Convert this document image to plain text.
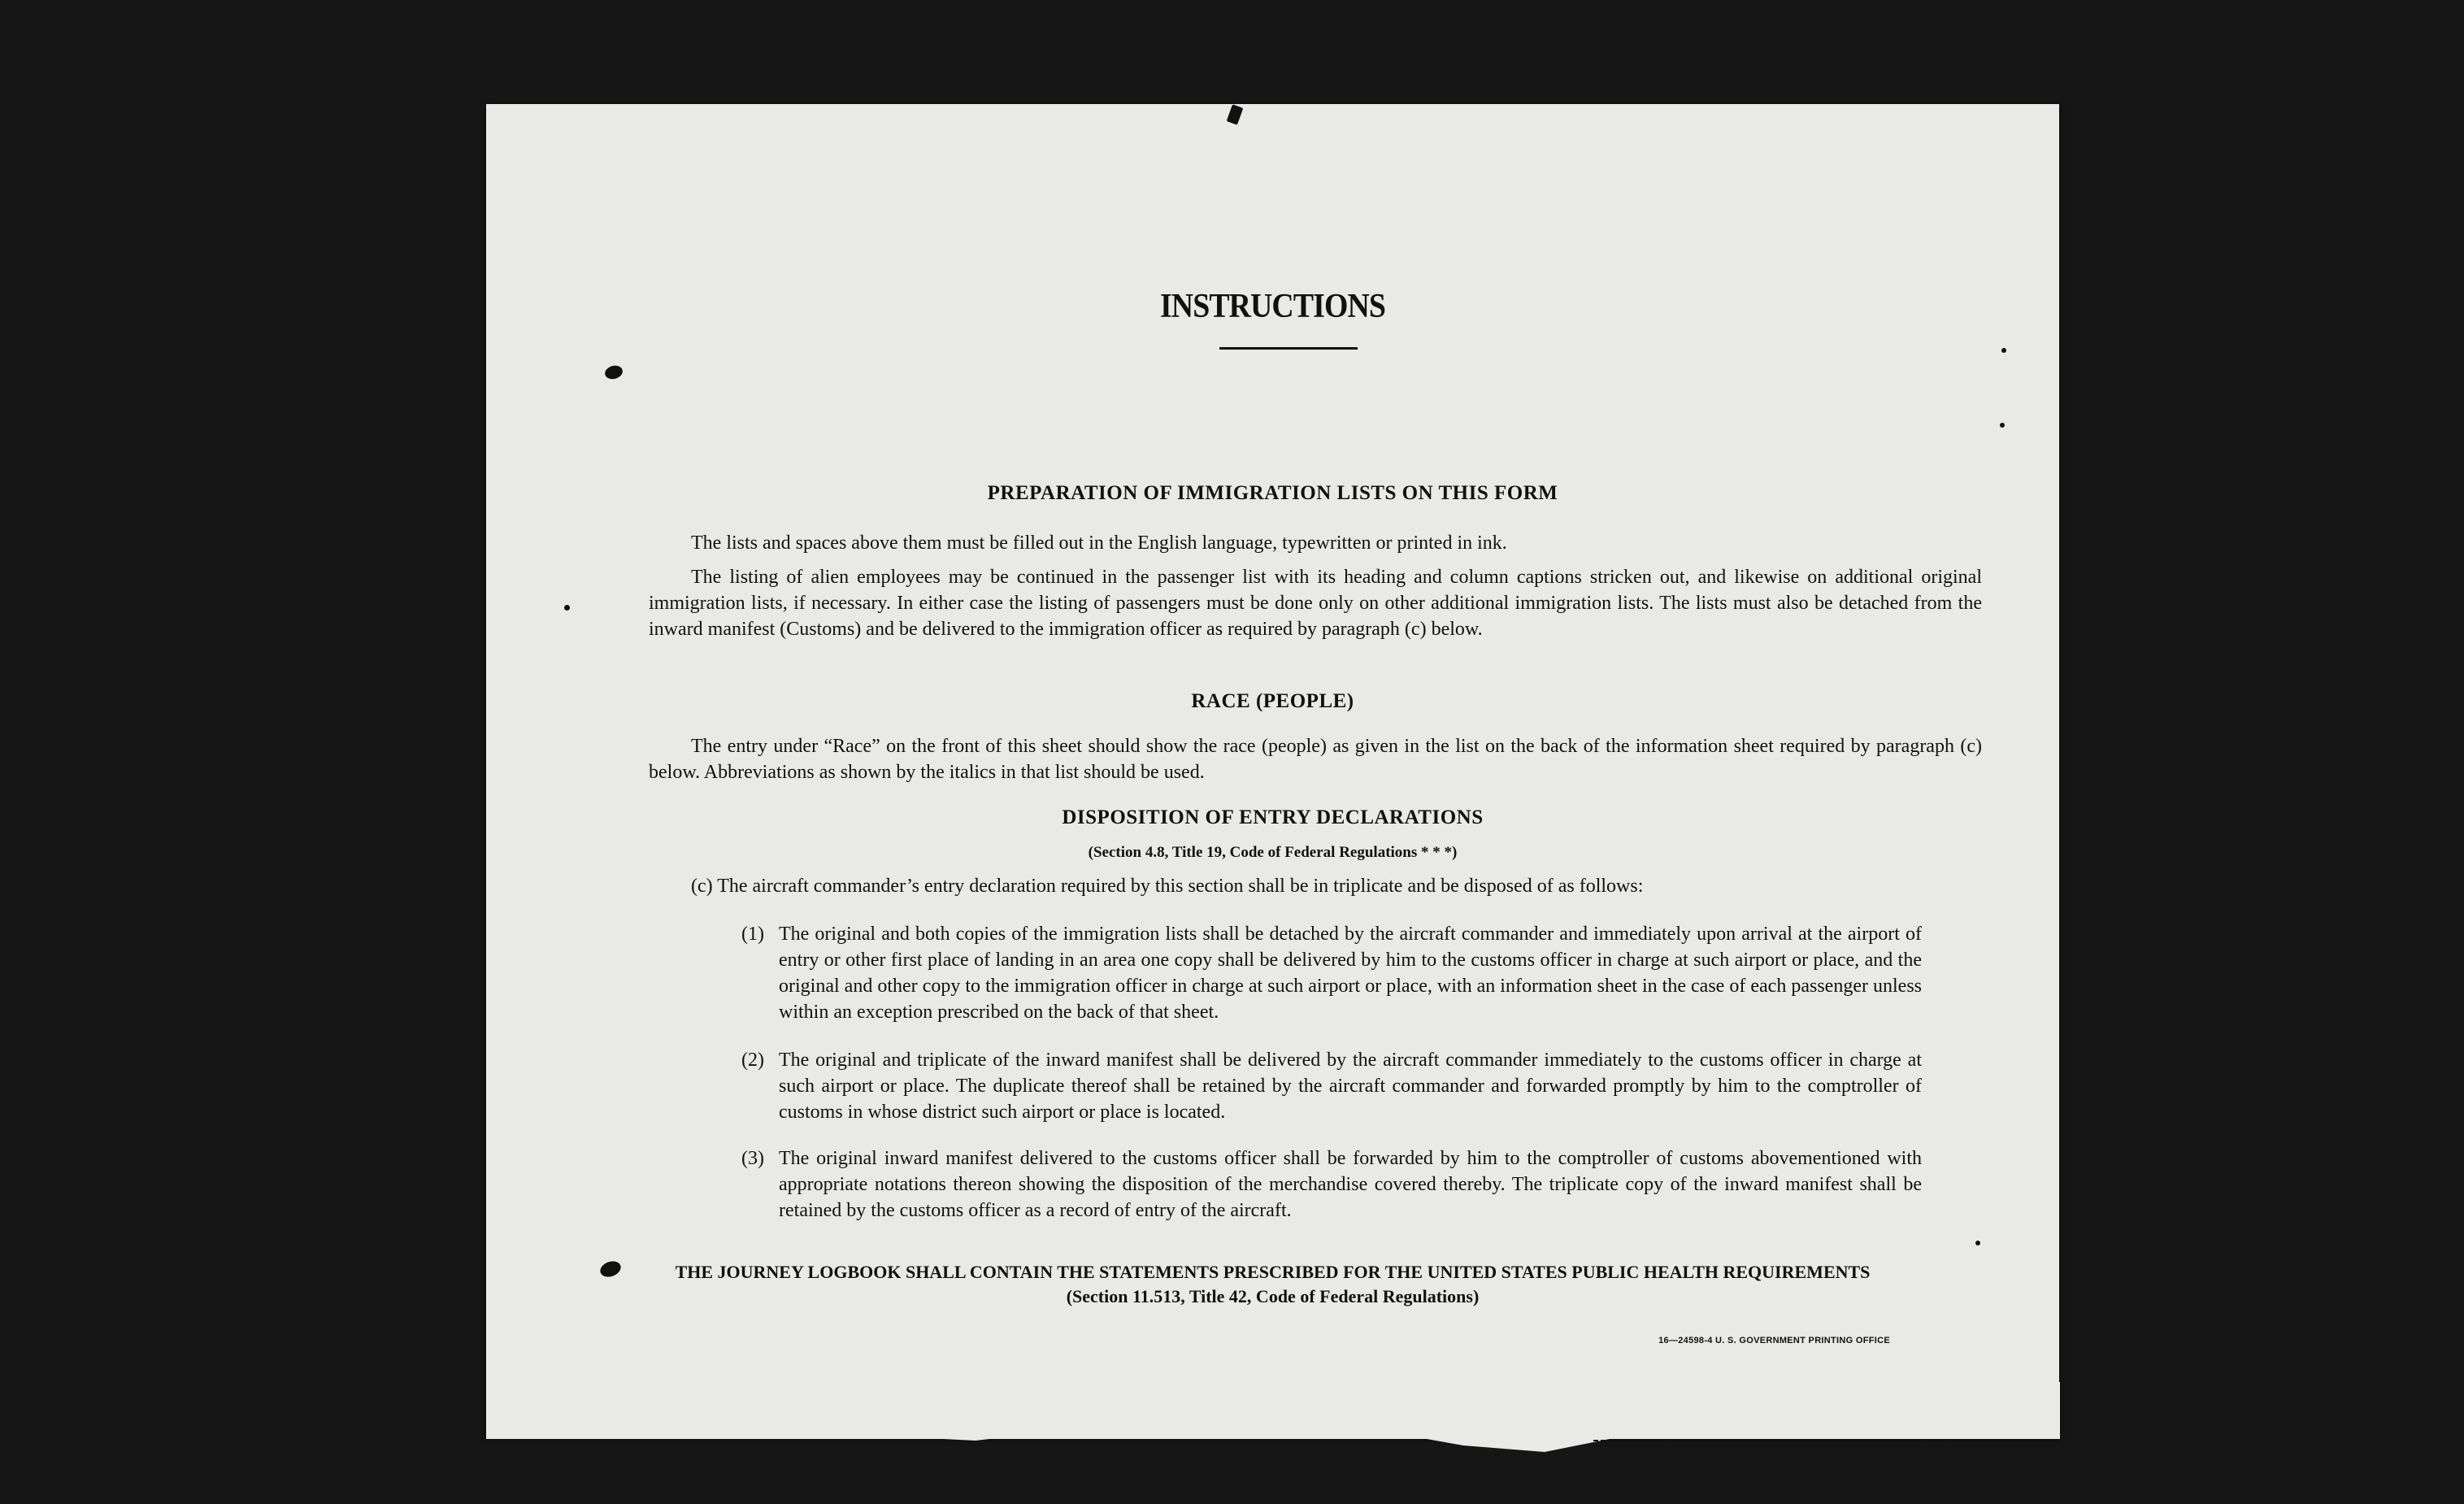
INSTRUCTIONS
PREPARATION OF IMMIGRATION LISTS ON THIS FORM

The lists and spaces above them must be filled out in the English language, typewritten or printed in ink.

The listing of alien employees may be continued in the passenger list with its heading and column captions stricken out, and likewise on additional original immigration lists, if necessary. In either case the listing of passengers must be done only on other additional immigration lists. The lists must also be detached from the inward manifest (Customs) and be delivered to the immigration officer as required by paragraph (c) below.

RACE (PEOPLE)

The entry under “Race” on the front of this sheet should show the race (people) as given in the list on the back of the information sheet required by paragraph (c) below. Abbreviations as shown by the italics in that list should be used.

DISPOSITION OF ENTRY DECLARATIONS

(Section 4.8, Title 19, Code of Federal Regulations * * *)

(c) The aircraft commander’s entry declaration required by this section shall be in triplicate and be disposed of as follows:

(1) The original and both copies of the immigration lists shall be detached by the aircraft commander and immediately upon arrival at the airport of entry or other first place of landing in an area one copy shall be delivered by him to the customs officer in charge at such airport or place, and the original and other copy to the immigration officer in charge at such airport or place, with an information sheet in the case of each passenger unless within an exception prescribed on the back of that sheet.
(2) The original and triplicate of the inward manifest shall be delivered by the aircraft commander immediately to the customs officer in charge at such airport or place. The duplicate thereof shall be retained by the aircraft commander and forwarded promptly by him to the comptroller of customs in whose district such airport or place is located.
(3) The original inward manifest delivered to the customs officer shall be forwarded by him to the comptroller of customs abovementioned with appropriate notations thereon showing the disposition of the merchandise covered thereby. The triplicate copy of the inward manifest shall be retained by the customs officer as a record of entry of the aircraft.
THE JOURNEY LOGBOOK SHALL CONTAIN THE STATEMENTS PRESCRIBED FOR THE UNITED STATES PUBLIC HEALTH REQUIREMENTS
(Section 11.513, Title 42, Code of Federal Regulations)
16—24598-4 U. S. GOVERNMENT PRINTING OFFICE
